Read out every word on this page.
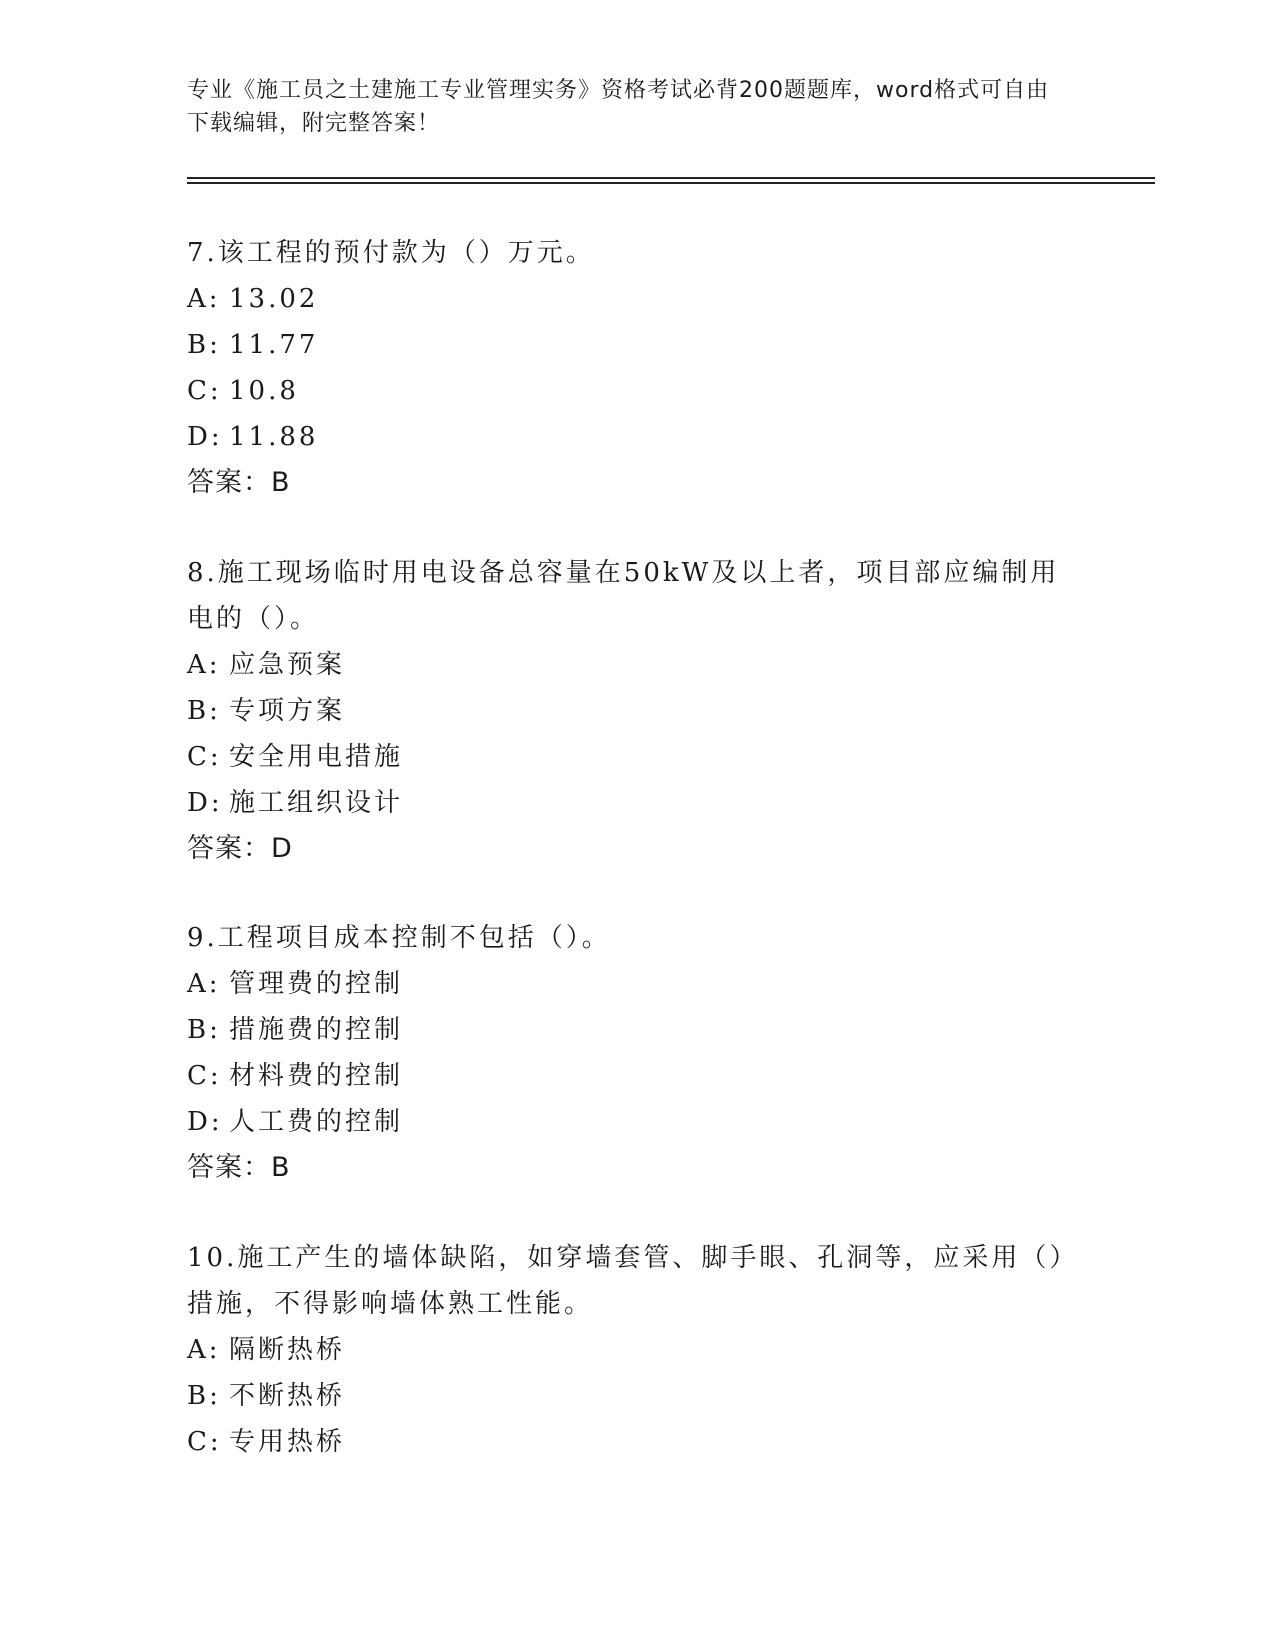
专业《施工员之土建施工专业管理实务》资格考试必背200题题库，word格式可自由下载编辑，附完整答案！
7.该工程的预付款为（）万元。
A: 13.02
B: 11.77
C: 10.8
D: 11.88
答案：B
8.施工现场临时用电设备总容量在50kW及以上者，项目部应编制用电的（）。
A: 应急预案
B: 专项方案
C: 安全用电措施
D: 施工组织设计
答案：D
9.工程项目成本控制不包括（）。
A: 管理费的控制
B: 措施费的控制
C: 材料费的控制
D: 人工费的控制
答案：B
10.施工产生的墙体缺陷，如穿墙套管、脚手眼、孔洞等，应采用（）措施，不得影响墙体熟工性能。
A: 隔断热桥
B: 不断热桥
C: 专用热桥
